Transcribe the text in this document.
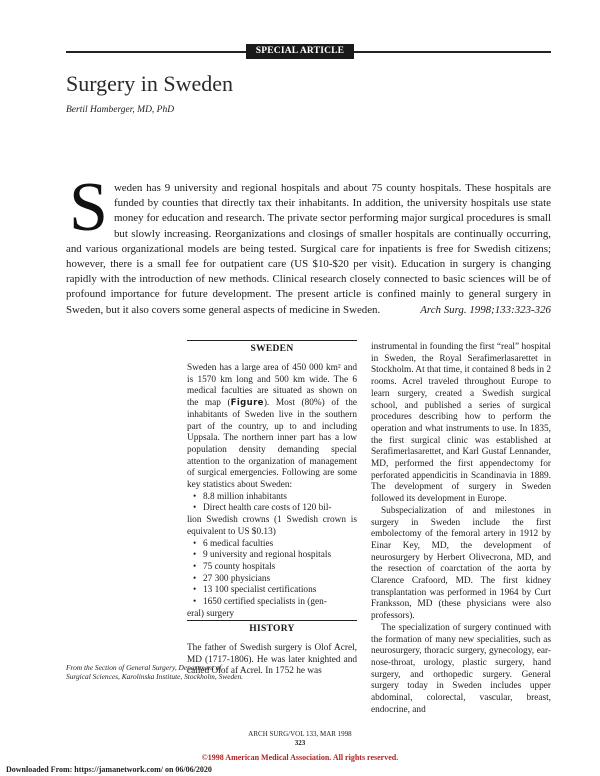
SPECIAL ARTICLE
Surgery in Sweden
Bertil Hamberger, MD, PhD
Sweden has 9 university and regional hospitals and about 75 county hospitals. These hospitals are funded by counties that directly tax their inhabitants. In addition, the university hospitals use state money for education and research. The private sector performing major surgical procedures is small but slowly increasing. Reorganizations and closings of smaller hospitals are continually occurring, and various organizational models are being tested. Surgical care for inpatients is free for Swedish citizens; however, there is a small fee for outpatient care (US $10-$20 per visit). Education in surgery is changing rapidly with the introduction of new methods. Clinical research closely connected to basic sciences will be of profound importance for future development. The present article is confined mainly to general surgery in Sweden, but it also covers some general aspects of medicine in Sweden.	Arch Surg. 1998;133:323-326
SWEDEN

Sweden has a large area of 450 000 km² and is 1570 km long and 500 km wide. The 6 medical faculties are situated as shown on the map (Figure). Most (80%) of the inhabitants of Sweden live in the southern part of the country, up to and including Uppsala. The northern inner part has a low population density demanding special attention to the organization of management of surgical emergencies. Following are some key statistics about Sweden:

• 8.8 million inhabitants
• Direct health care costs of 120 bil-
lion Swedish crowns (1 Swedish crown is equivalent to US $0.13)
• 6 medical faculties
• 9 university and regional hospitals
• 75 county hospitals
• 27 300 physicians
• 13 100 specialist certifications
• 1650 certified specialists in (gen-
eral) surgery
HISTORY

The father of Swedish surgery is Olof Acrel, MD (1717-1806). He was later knighted and called Olof af Acrel. In 1752 he was

instrumental in founding the first “real” hospital in Sweden, the Royal Serafimerlasarettet in Stockholm. At that time, it contained 8 beds in 2 rooms. Acrel traveled throughout Europe to learn surgery, created a Swedish surgical school, and published a series of surgical procedures describing how to perform the operation and what instruments to use. In 1835, the first surgical clinic was established at Serafimerlasarettet, and Karl Gustaf Lennander, MD, performed the first appendectomy for perforated appendicitis in Scandinavia in 1889. The development of surgery in Sweden followed its development in Europe.

Subspecialization of and milestones in surgery in Sweden include the first embolectomy of the femoral artery in 1912 by Einar Key, MD, the development of neurosurgery by Herbert Olivecrona, MD, and the resection of coarctation of the aorta by Clarence Crafoord, MD. The first kidney transplantation was performed in 1964 by Curt Franksson, MD (these physicians were also professors).

The specialization of surgery continued with the formation of many new specialities, such as neurosurgery, thoracic surgery, gynecology, ear-nose-throat, urology, plastic surgery, hand surgery, and orthopedic surgery. General surgery today in Sweden includes upper abdominal, colorectal, vascular, breast, endocrine, and

From the Section of General Surgery, Department of Surgical Sciences, Karolinska Institute, Stockholm, Sweden.
ARCH SURG/VOL 133, MAR 1998
323
©1998 American Medical Association. All rights reserved.
Downloaded From: https://jamanetwork.com/ on 06/06/2020
